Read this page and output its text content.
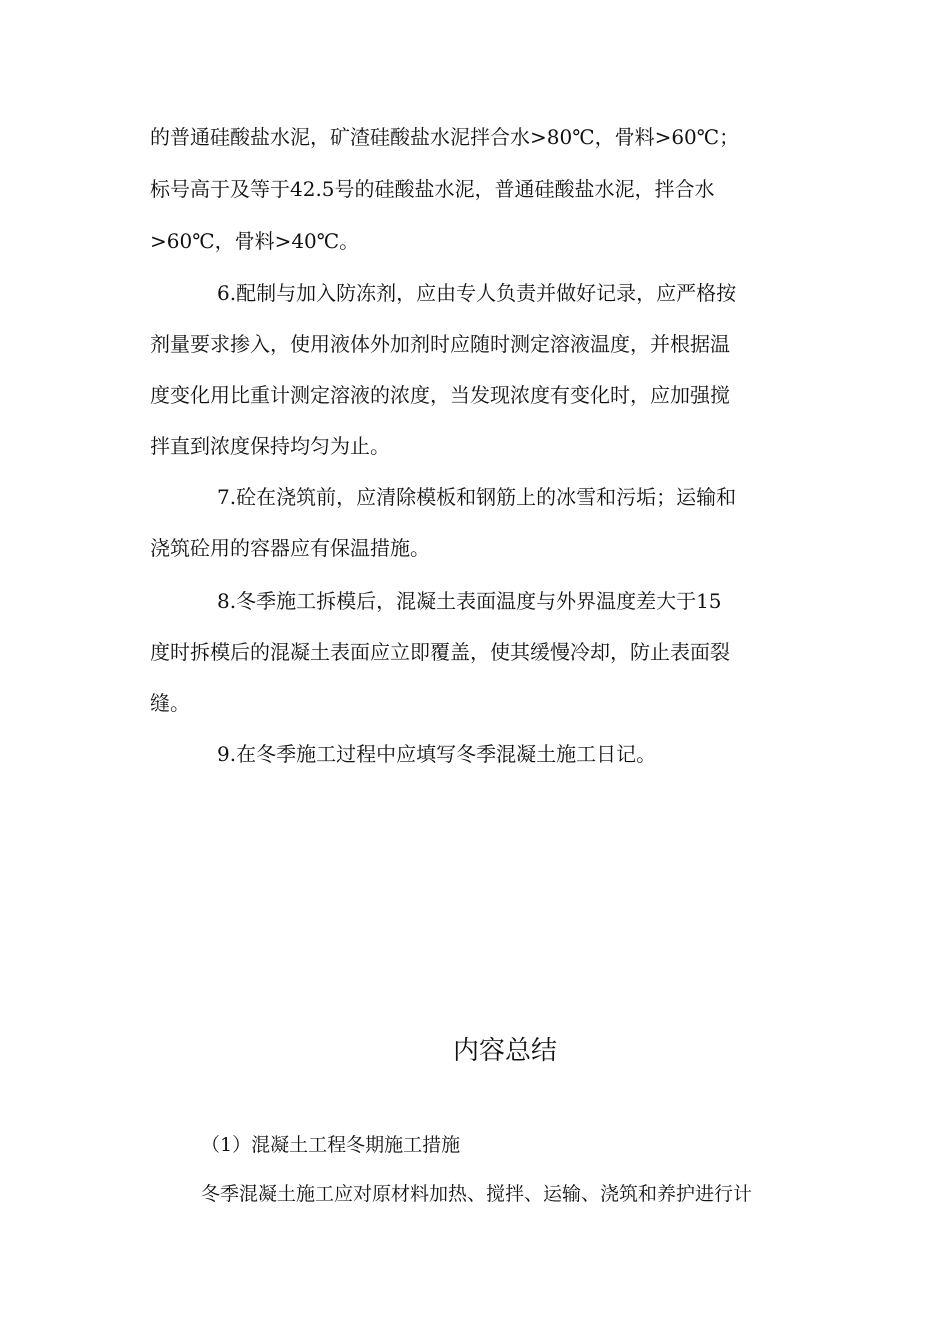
的普通硅酸盐水泥，矿渣硅酸盐水泥拌合水>80℃，骨料>60℃；
标号高于及等于42.5号的硅酸盐水泥，普通硅酸盐水泥，拌合水
>60℃，骨料>40℃。
6.配制与加入防冻剂，应由专人负责并做好记录，应严格按
剂量要求掺入，使用液体外加剂时应随时测定溶液温度，并根据温
度变化用比重计测定溶液的浓度，当发现浓度有变化时，应加强搅
拌直到浓度保持均匀为止。
7.砼在浇筑前，应清除模板和钢筋上的冰雪和污垢；运输和
浇筑砼用的容器应有保温措施。
8.冬季施工拆模后，混凝土表面温度与外界温度差大于15
度时拆模后的混凝土表面应立即覆盖，使其缓慢冷却，防止表面裂
缝。
9.在冬季施工过程中应填写冬季混凝土施工日记。
内容总结
（1）混凝土工程冬期施工措施
冬季混凝土施工应对原材料加热、搅拌、运输、浇筑和养护进行计
